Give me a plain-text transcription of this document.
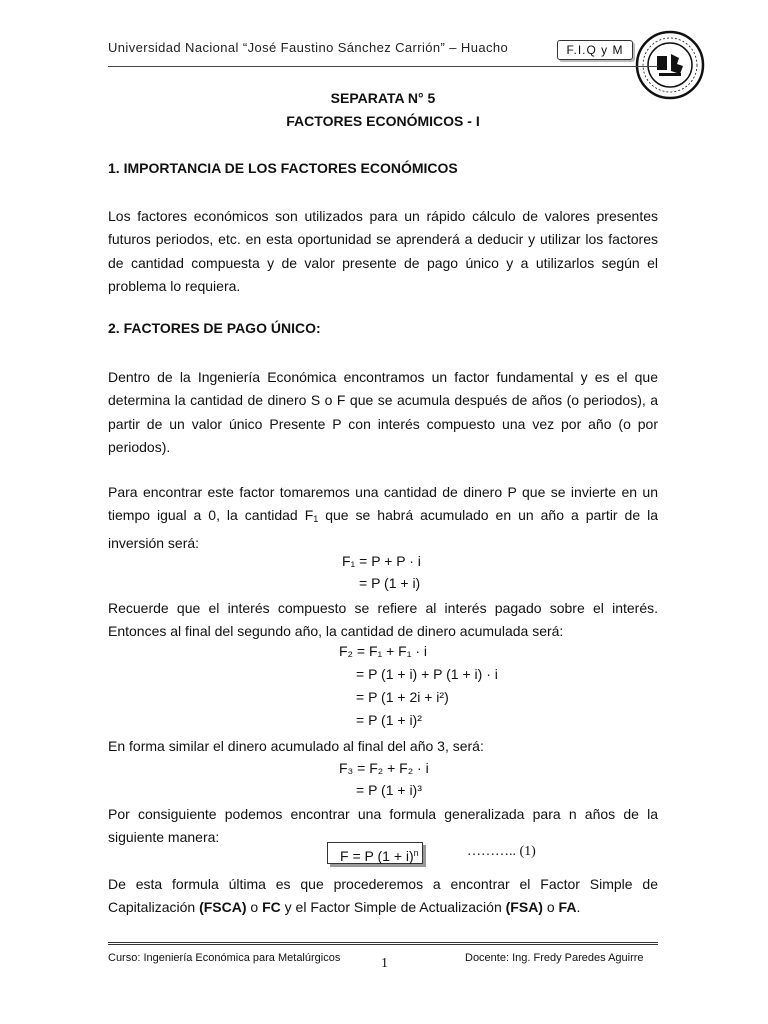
Universidad Nacional “José Faustino Sánchez Carrión” – Huacho	F.I.Q y M
SEPARATA N° 5
FACTORES ECONÓMICOS - I
1. IMPORTANCIA DE LOS FACTORES ECONÓMICOS
Los factores económicos son utilizados para un rápido cálculo de valores presentes futuros periodos, etc. en esta oportunidad se aprenderá a deducir y utilizar los factores de cantidad compuesta y de valor presente de pago único y a utilizarlos según el problema lo requiera.
2. FACTORES DE PAGO ÚNICO:
Dentro de la Ingeniería Económica encontramos un factor fundamental y es el que determina la cantidad de dinero S o F que se acumula después de años (o periodos), a partir de un valor único Presente P con interés compuesto una vez por año (o por periodos).
Para encontrar este factor tomaremos una cantidad de dinero P que se invierte en un tiempo igual a 0, la cantidad $F_1$ que se habrá acumulado en un año a partir de la inversión será:
F₁ = P + P · i
= P (1 + i)
Recuerde que el interés compuesto se refiere al interés pagado sobre el interés. Entonces al final del segundo año, la cantidad de dinero acumulada será:
F₂ = F₁ + F₁ · i
= P (1 + i) + P (1 + i) · i
= P (1 + 2i + i²)
= P (1 + i)²
En forma similar el dinero acumulado al final del año 3, será:
F₃ = F₂ + F₂ · i
= P (1 + i)³
Por consiguiente podemos encontrar una formula generalizada para n años de la siguiente manera:
F = P $(1 + i)^n$	……….. (1)
De esta formula última es que procederemos a encontrar el Factor Simple de Capitalización (FSCA) o FC y el Factor Simple de Actualización (FSA) o FA.
Curso: Ingeniería Económica para Metalúrgicos	1	Docente: Ing. Fredy Paredes Aguirre
